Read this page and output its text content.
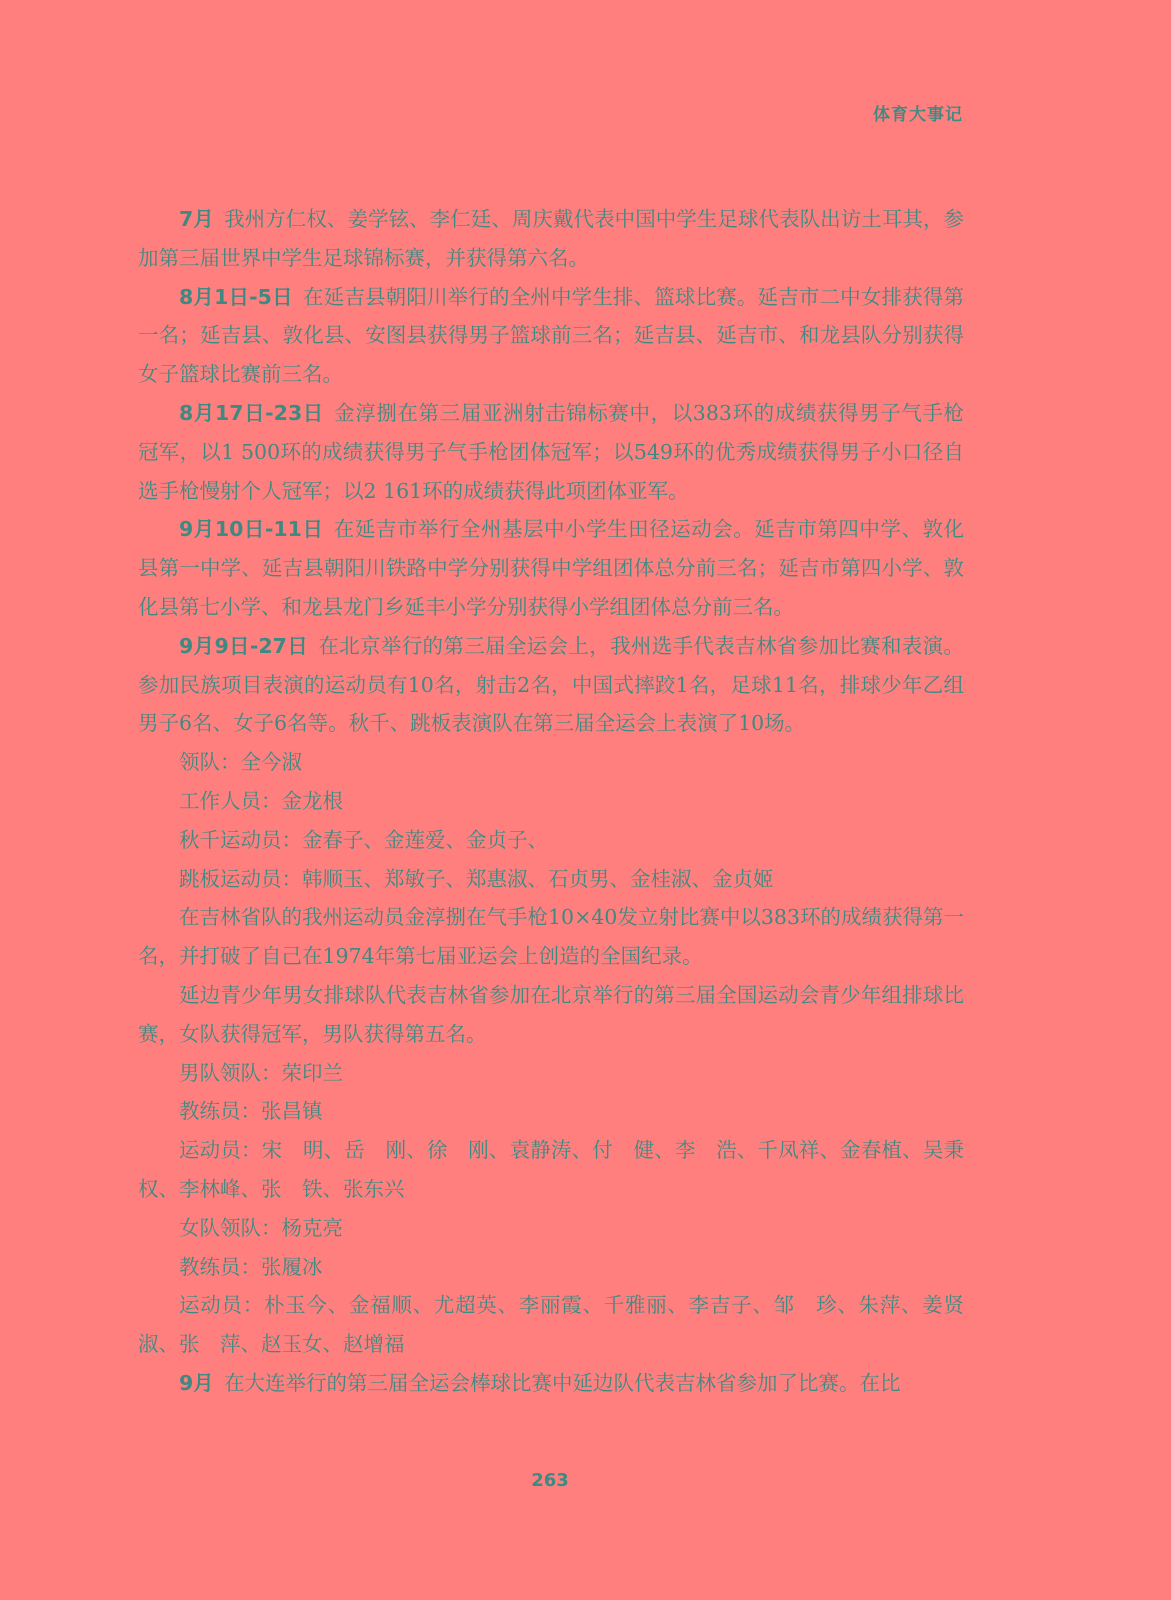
体育大事记

7月 我州方仁权、姜学铉、李仁廷、周庆戴代表中国中学生足球代表队出访土耳其，参加第三届世界中学生足球锦标赛，并获得第六名。

8月1日-5日 在延吉县朝阳川举行的全州中学生排、篮球比赛。延吉市二中女排获得第一名；延吉县、敦化县、安图县获得男子篮球前三名；延吉县、延吉市、和龙县队分别获得女子篮球比赛前三名。

8月17日-23日 金淳捌在第三届亚洲射击锦标赛中，以383环的成绩获得男子气手枪冠军，以1 500环的成绩获得男子气手枪团体冠军；以549环的优秀成绩获得男子小口径自选手枪慢射个人冠军；以2 161环的成绩获得此项团体亚军。

9月10日-11日 在延吉市举行全州基层中小学生田径运动会。延吉市第四中学、敦化县第一中学、延吉县朝阳川铁路中学分别获得中学组团体总分前三名；延吉市第四小学、敦化县第七小学、和龙县龙门乡延丰小学分别获得小学组团体总分前三名。

9月9日-27日 在北京举行的第三届全运会上，我州选手代表吉林省参加比赛和表演。参加民族项目表演的运动员有10名，射击2名，中国式摔跤1名，足球11名，排球少年乙组男子6名、女子6名等。秋千、跳板表演队在第三届全运会上表演了10场。

领队：全今淑

工作人员：金龙根

秋千运动员：金春子、金莲爱、金贞子、

跳板运动员：韩顺玉、郑敏子、郑惠淑、石贞男、金桂淑、金贞姬

在吉林省队的我州运动员金淳捌在气手枪10×40发立射比赛中以383环的成绩获得第一名，并打破了自己在1974年第七届亚运会上创造的全国纪录。

延边青少年男女排球队代表吉林省参加在北京举行的第三届全国运动会青少年组排球比赛，女队获得冠军，男队获得第五名。

男队领队：荣印兰

教练员：张昌镇

运动员：宋　明、岳　刚、徐　刚、袁静涛、付　健、李　浩、千凤祥、金春植、吴秉权、李林峰、张　铁、张东兴

女队领队：杨克亮

教练员：张履冰

运动员：朴玉今、金福顺、尤超英、李丽霞、千雅丽、李吉子、邹　珍、朱萍、姜贤淑、张　萍、赵玉女、赵增福

9月 在大连举行的第三届全运会棒球比赛中延边队代表吉林省参加了比赛。在比

263
